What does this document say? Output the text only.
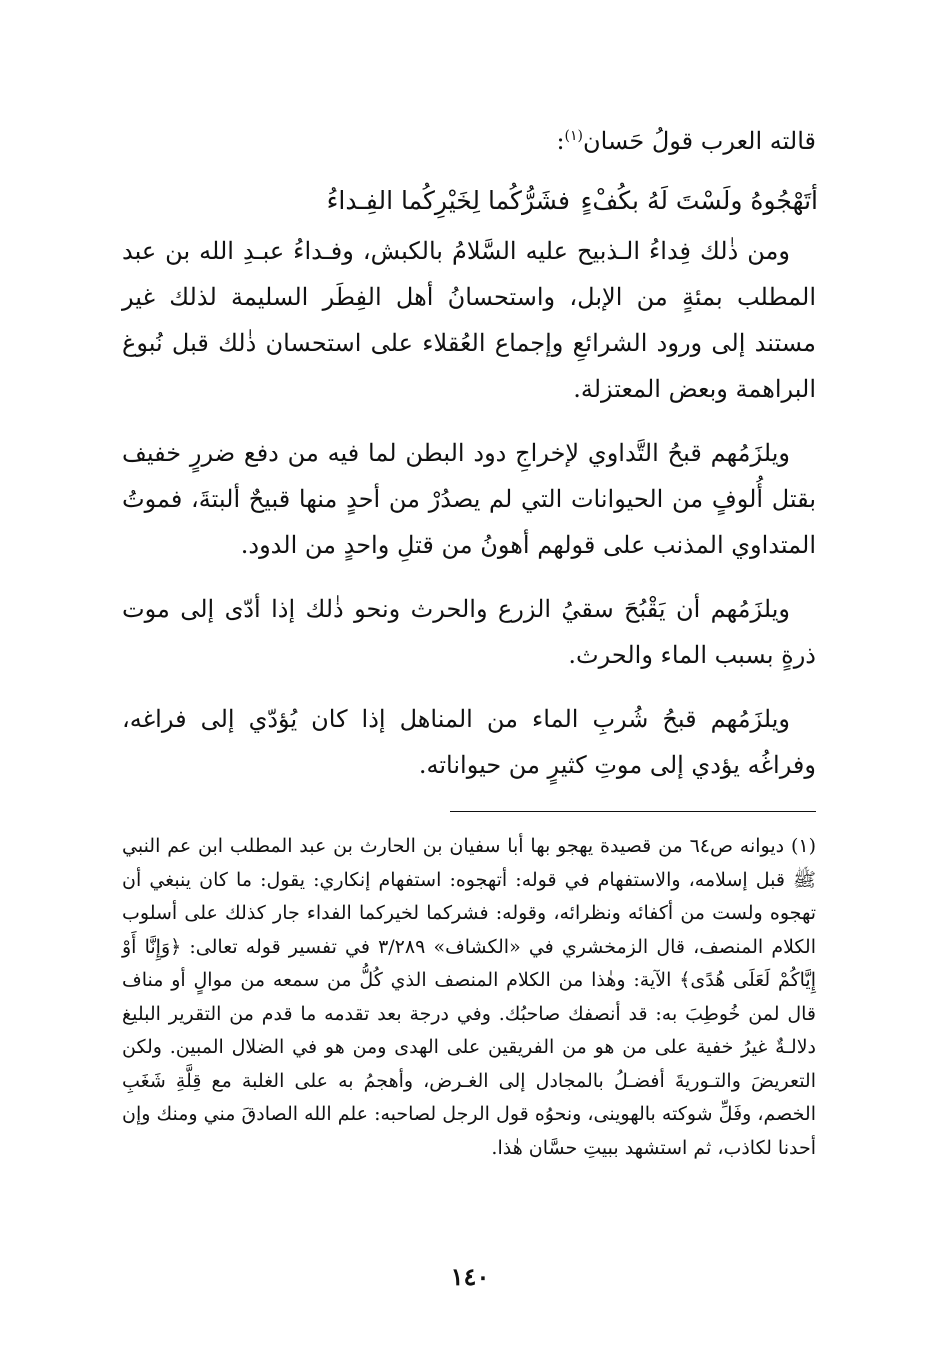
قالته العرب قولُ حَسان$^{(١)}$:

ومن ذٰلك فِداءُ الـذبيح عليه السَّلامُ بالكبش، وفـداءُ عبـدِ الله بن عبد المطلب بمئةٍ من الإبل، واستحسانُ أهل الفِطَر السليمة لذلك غير مستند إلى ورود الشرائعِ وإجماع العُقلاء على استحسان ذٰلك قبل نُبوغ البراهمة وبعض المعتزلة.

ويلزَمُهم قبحُ التَّداوي لإخراجِ دود البطن لما فيه من دفع ضررٍ خفيف بقتل أُلوفٍ من الحيوانات التي لم يصدُرْ من أحدٍ منها قبيحٌ ألبتةَ، فموتُ المتداوي المذنب على قولهم أهونُ من قتلِ واحدٍ من الدود.

ويلزَمُهم أن يَقْبُحَ سقيُ الزرع والحرث ونحو ذٰلك إذا أدّى إلى موت ذرةٍ بسبب الماء والحرث.

ويلزَمُهم قبحُ شُربِ الماء من المناهل إذا كان يُؤدّي إلى فراغه، وفراغُه يؤدي إلى موتِ كثيرٍ من حيواناته.

أتَهْجُوهُ ولَسْتَ لَهُ بكُفْءٍ
فشَرُّكُما لِخَيْرِكُما الفِـداءُ

(١) ديوانه ص٦٤ من قصيدة يهجو بها أبا سفيان بن الحارث بن عبد المطلب ابن عم النبي ﷺ قبل إسلامه، والاستفهام في قوله: أتهجوه: استفهام إنكاري: يقول: ما كان ينبغي أن تهجوه ولست من أكفائه ونظرائه، وقوله: فشركما لخيركما الفداء جار كذلك على أسلوب الكلام المنصف، قال الزمخشري في «الكشاف» ٣/٢٨٩ في تفسير قوله تعالى: ﴿وَإِنَّا أَوْ إِيَّاكُمْ لَعَلَى هُدًى﴾ الآية: وهٰذا من الكلام المنصف الذي كُلُّ من سمعه من موالٍ أو مناف قال لمن خُوطِبَ به: قد أنصفك صاحبُك. وفي درجة بعد تقدمه ما قدم من التقرير البليغ دلالـةٌ غيرُ خفية على من هو من الفريقين على الهدى ومن هو في الضلال المبين. ولكن التعريضَ والتـوريةَ أفضـلُ بالمجادل إلى الغـرض، وأهجمُ به على الغلبة مع قِلَّةِ شَغَبِ الخصم، وفَلِّ شوكته بالهوينى، ونحوُه قول الرجل لصاحبه: علم الله الصادقَ مني ومنك وإن أحدنا لكاذب، ثم استشهد ببيتِ حسَّان هٰذا.

١٤٠
